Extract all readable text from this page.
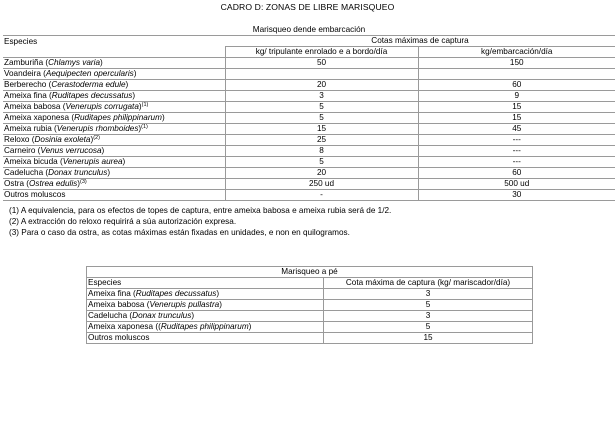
CADRO D: ZONAS DE LIBRE MARISQUEO
Marisqueo dende embarcación		
Especies	Cotas máximas de captura	
	kg/ tripulante enrolado e a bordo/día	kg/embarcación/día
Zamburiña (Chlamys varia)	50	150
Voandeira (Aequipecten opercularis)		
Berberecho (Cerastoderma edule)	20	60
Ameixa fina (Ruditapes decussatus)	3	9
Ameixa babosa (Venerupis corrugata)$^{(1)}$	5	15
Ameixa xaponesa (Ruditapes philippinarum)	5	15
Ameixa rubia (Venerupis rhomboides)$^{(1)}$	15	45
Reloxo (Dosinia exoleta)$^{(2)}$	25	---
Carneiro (Venus verrucosa)	8	---
Ameixa bicuda (Venerupis aurea)	5	---
Cadelucha (Donax trunculus)	20	60
Ostra (Ostrea edulis)$^{(3)}$	250 ud	500 ud
Outros moluscos	-	30
(1) A equivalencia, para os efectos de topes de captura, entre ameixa babosa e ameixa rubia será de 1/2.
(2) A extracción do reloxo requirirá a súa autorización expresa.
(3) Para o caso da ostra, as cotas máximas están fixadas en unidades, e non en quilogramos.
Marisqueo a pé	
Especies	Cota máxima de captura (kg/ mariscador/día)
Ameixa fina (Ruditapes decussatus)	3
Ameixa babosa (Venerupis pullastra)	5
Cadelucha (Donax trunculus)	3
Ameixa xaponesa ((Ruditapes philippinarum)	5
Outros moluscos	15
